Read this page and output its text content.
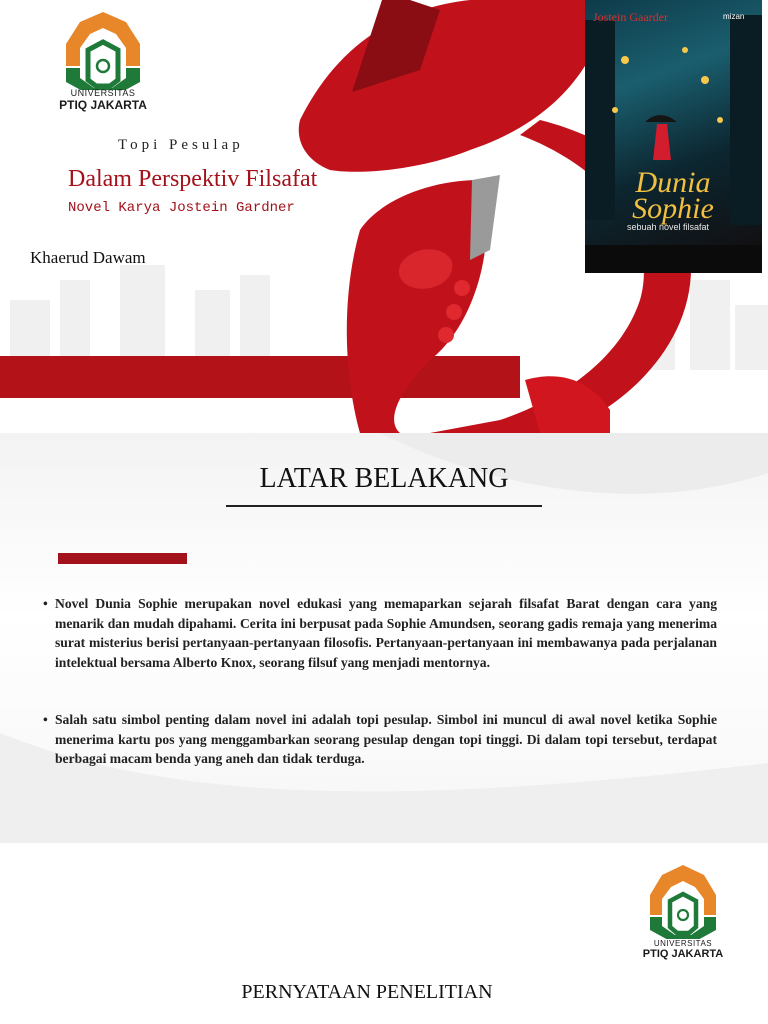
UNIVERSITAS
PTIQ JAKARTA
Topi Pesulap
Dalam Perspektiv Filsafat
Novel Karya Jostein Gardner
Khaerud Dawam
Jostein Gaarder	mizan
Dunia
Sophie
sebuah novel filsafat
LATAR BELAKANG
• Novel Dunia Sophie merupakan novel edukasi yang memaparkan sejarah filsafat Barat dengan cara yang menarik dan mudah dipahami. Cerita ini berpusat pada Sophie Amundsen, seorang gadis remaja yang menerima surat misterius berisi pertanyaan-pertanyaan filosofis. Pertanyaan-pertanyaan ini membawanya pada perjalanan intelektual bersama Alberto Knox, seorang filsuf yang menjadi mentornya.
• Salah satu simbol penting dalam novel ini adalah topi pesulap. Simbol ini muncul di awal novel ketika Sophie menerima kartu pos yang menggambarkan seorang pesulap dengan topi tinggi. Di dalam topi tersebut, terdapat berbagai macam benda yang aneh dan tidak terduga.
UNIVERSITAS
PTIQ JAKARTA
PERNYATAAN PENELITIAN
